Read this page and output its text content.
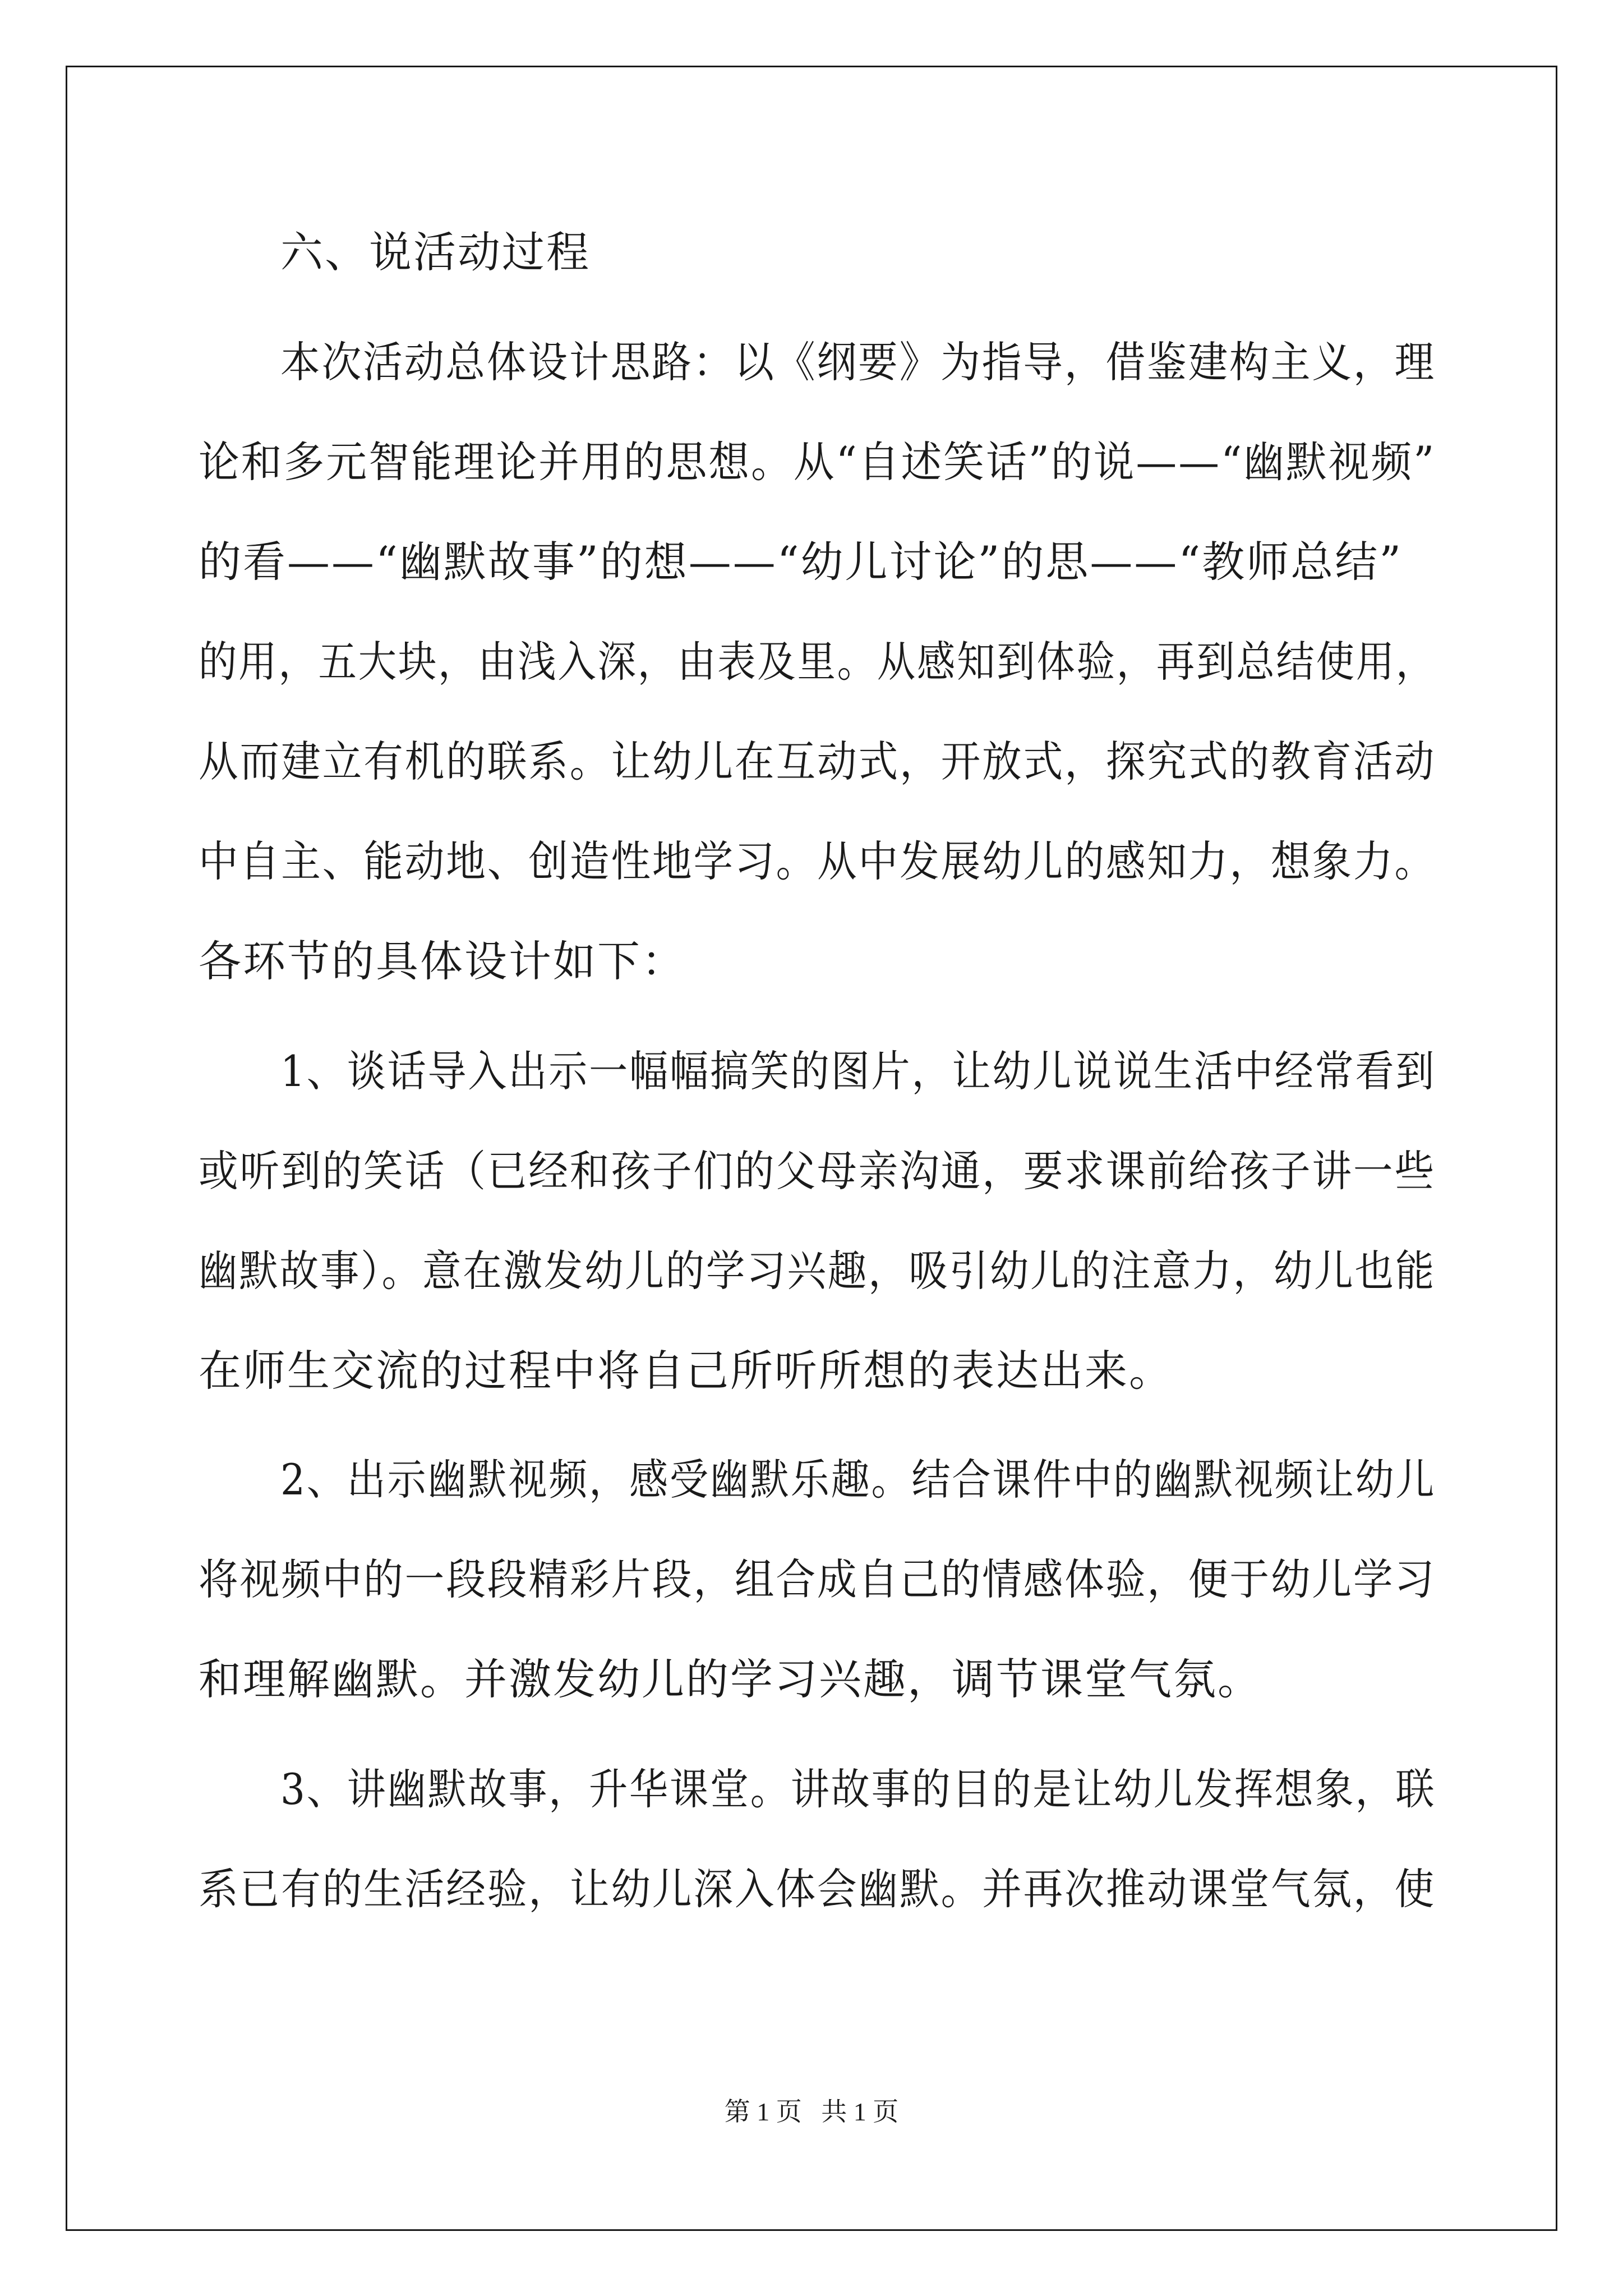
六、说活动过程
本次活动总体设计思路：以《纲要》为指导，借鉴建构主义，理
论和多元智能理论并用的思想。从“自述笑话”的说——“幽默视频”
的看——“幽默故事”的想——“幼儿讨论”的思——“教师总结”
的用，五大块，由浅入深，由表及里。从感知到体验，再到总结使用，
从而建立有机的联系。让幼儿在互动式，开放式，探究式的教育活动
中自主、能动地、创造性地学习。从中发展幼儿的感知力，想象力。
各环节的具体设计如下：
1、谈话导入出示一幅幅搞笑的图片，让幼儿说说生活中经常看到
或听到的笑话（已经和孩子们的父母亲沟通，要求课前给孩子讲一些
幽默故事）。意在激发幼儿的学习兴趣，吸引幼儿的注意力，幼儿也能
在师生交流的过程中将自己所听所想的表达出来。
2、出示幽默视频，感受幽默乐趣。结合课件中的幽默视频让幼儿
将视频中的一段段精彩片段，组合成自己的情感体验，便于幼儿学习
和理解幽默。并激发幼儿的学习兴趣，调节课堂气氛。
3、讲幽默故事，升华课堂。讲故事的目的是让幼儿发挥想象，联
系已有的生活经验，让幼儿深入体会幽默。并再次推动课堂气氛，使
第 1 页   共 1 页
